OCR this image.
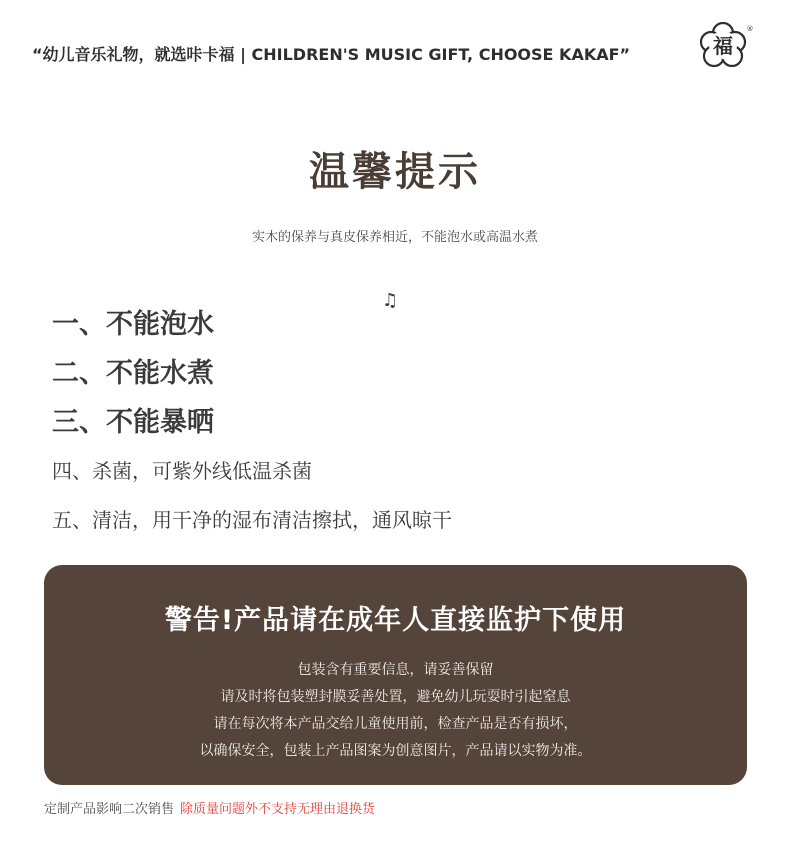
“幼儿音乐礼物，就选咔卡福 | CHILDREN'S MUSIC GIFT, CHOOSE KAKAF”	福
®
温馨提示
实木的保养与真皮保养相近，不能泡水或高温水煮
♫
一、不能泡水
二、不能水煮
三、不能暴晒
四、杀菌，可紫外线低温杀菌
五、清洁，用干净的湿布清洁擦拭，通风晾干
警告!产品请在成年人直接监护下使用
包装含有重要信息，请妥善保留
请及时将包装塑封膜妥善处置，避免幼儿玩耍时引起窒息
请在每次将本产品交给儿童使用前，检查产品是否有损坏，
以确保安全，包装上产品图案为创意图片，产品请以实物为准。
定制产品影响二次销售 除质量问题外不支持无理由退换货
